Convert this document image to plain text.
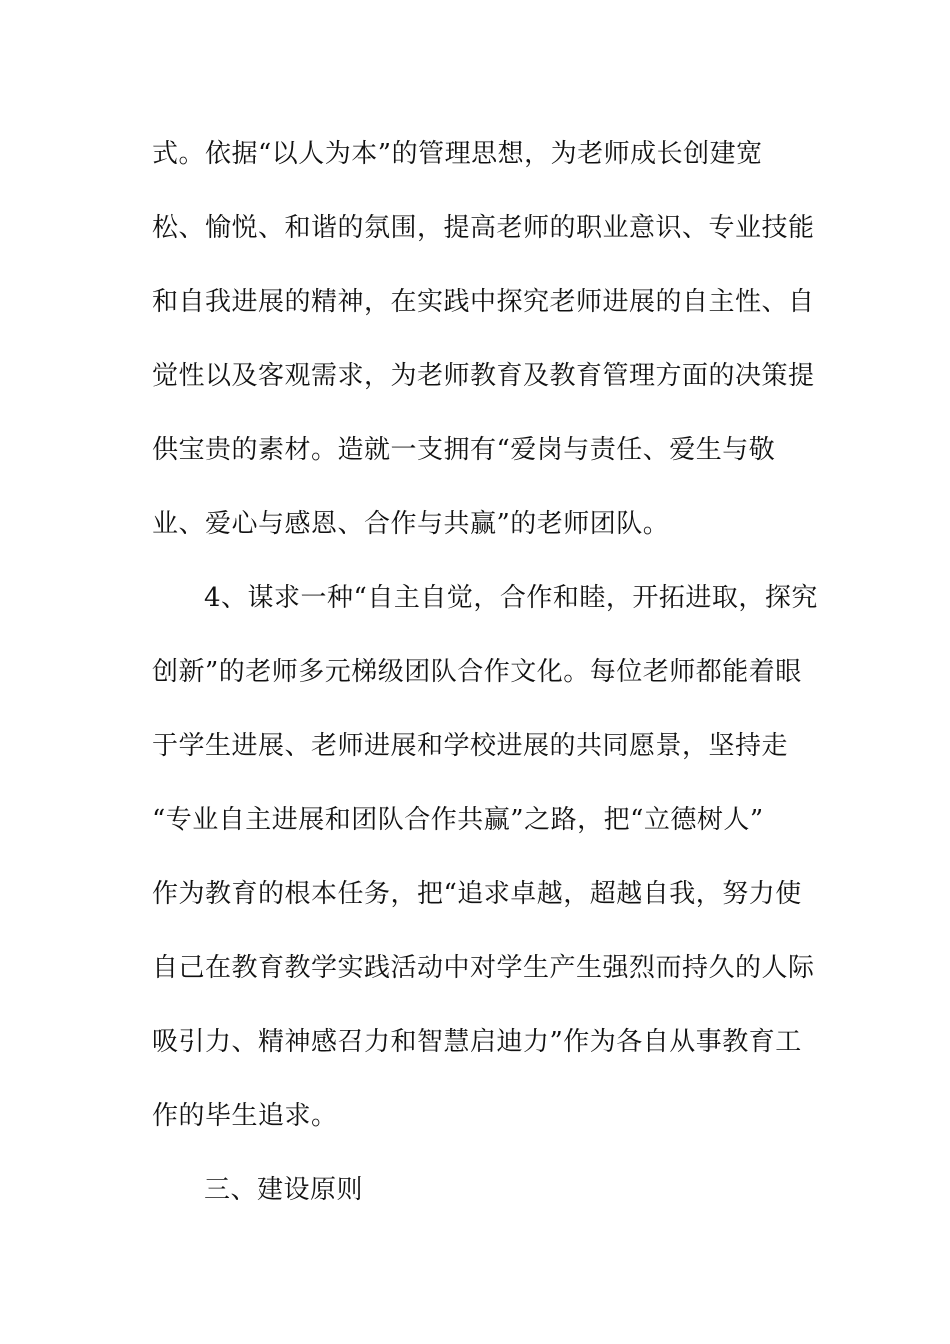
式。依据“以人为本”的管理思想，为老师成长创建宽
松、愉悦、和谐的氛围，提高老师的职业意识、专业技能
和自我进展的精神，在实践中探究老师进展的自主性、自
觉性以及客观需求，为老师教育及教育管理方面的决策提
供宝贵的素材。造就一支拥有“爱岗与责任、爱生与敬
业、爱心与感恩、合作与共赢”的老师团队。
4、谋求一种“自主自觉，合作和睦，开拓进取，探究
创新”的老师多元梯级团队合作文化。每位老师都能着眼
于学生进展、老师进展和学校进展的共同愿景，坚持走
“专业自主进展和团队合作共赢”之路，把“立德树人”
作为教育的根本任务，把“追求卓越，超越自我，努力使
自己在教育教学实践活动中对学生产生强烈而持久的人际
吸引力、精神感召力和智慧启迪力”作为各自从事教育工
作的毕生追求。
三、建设原则
